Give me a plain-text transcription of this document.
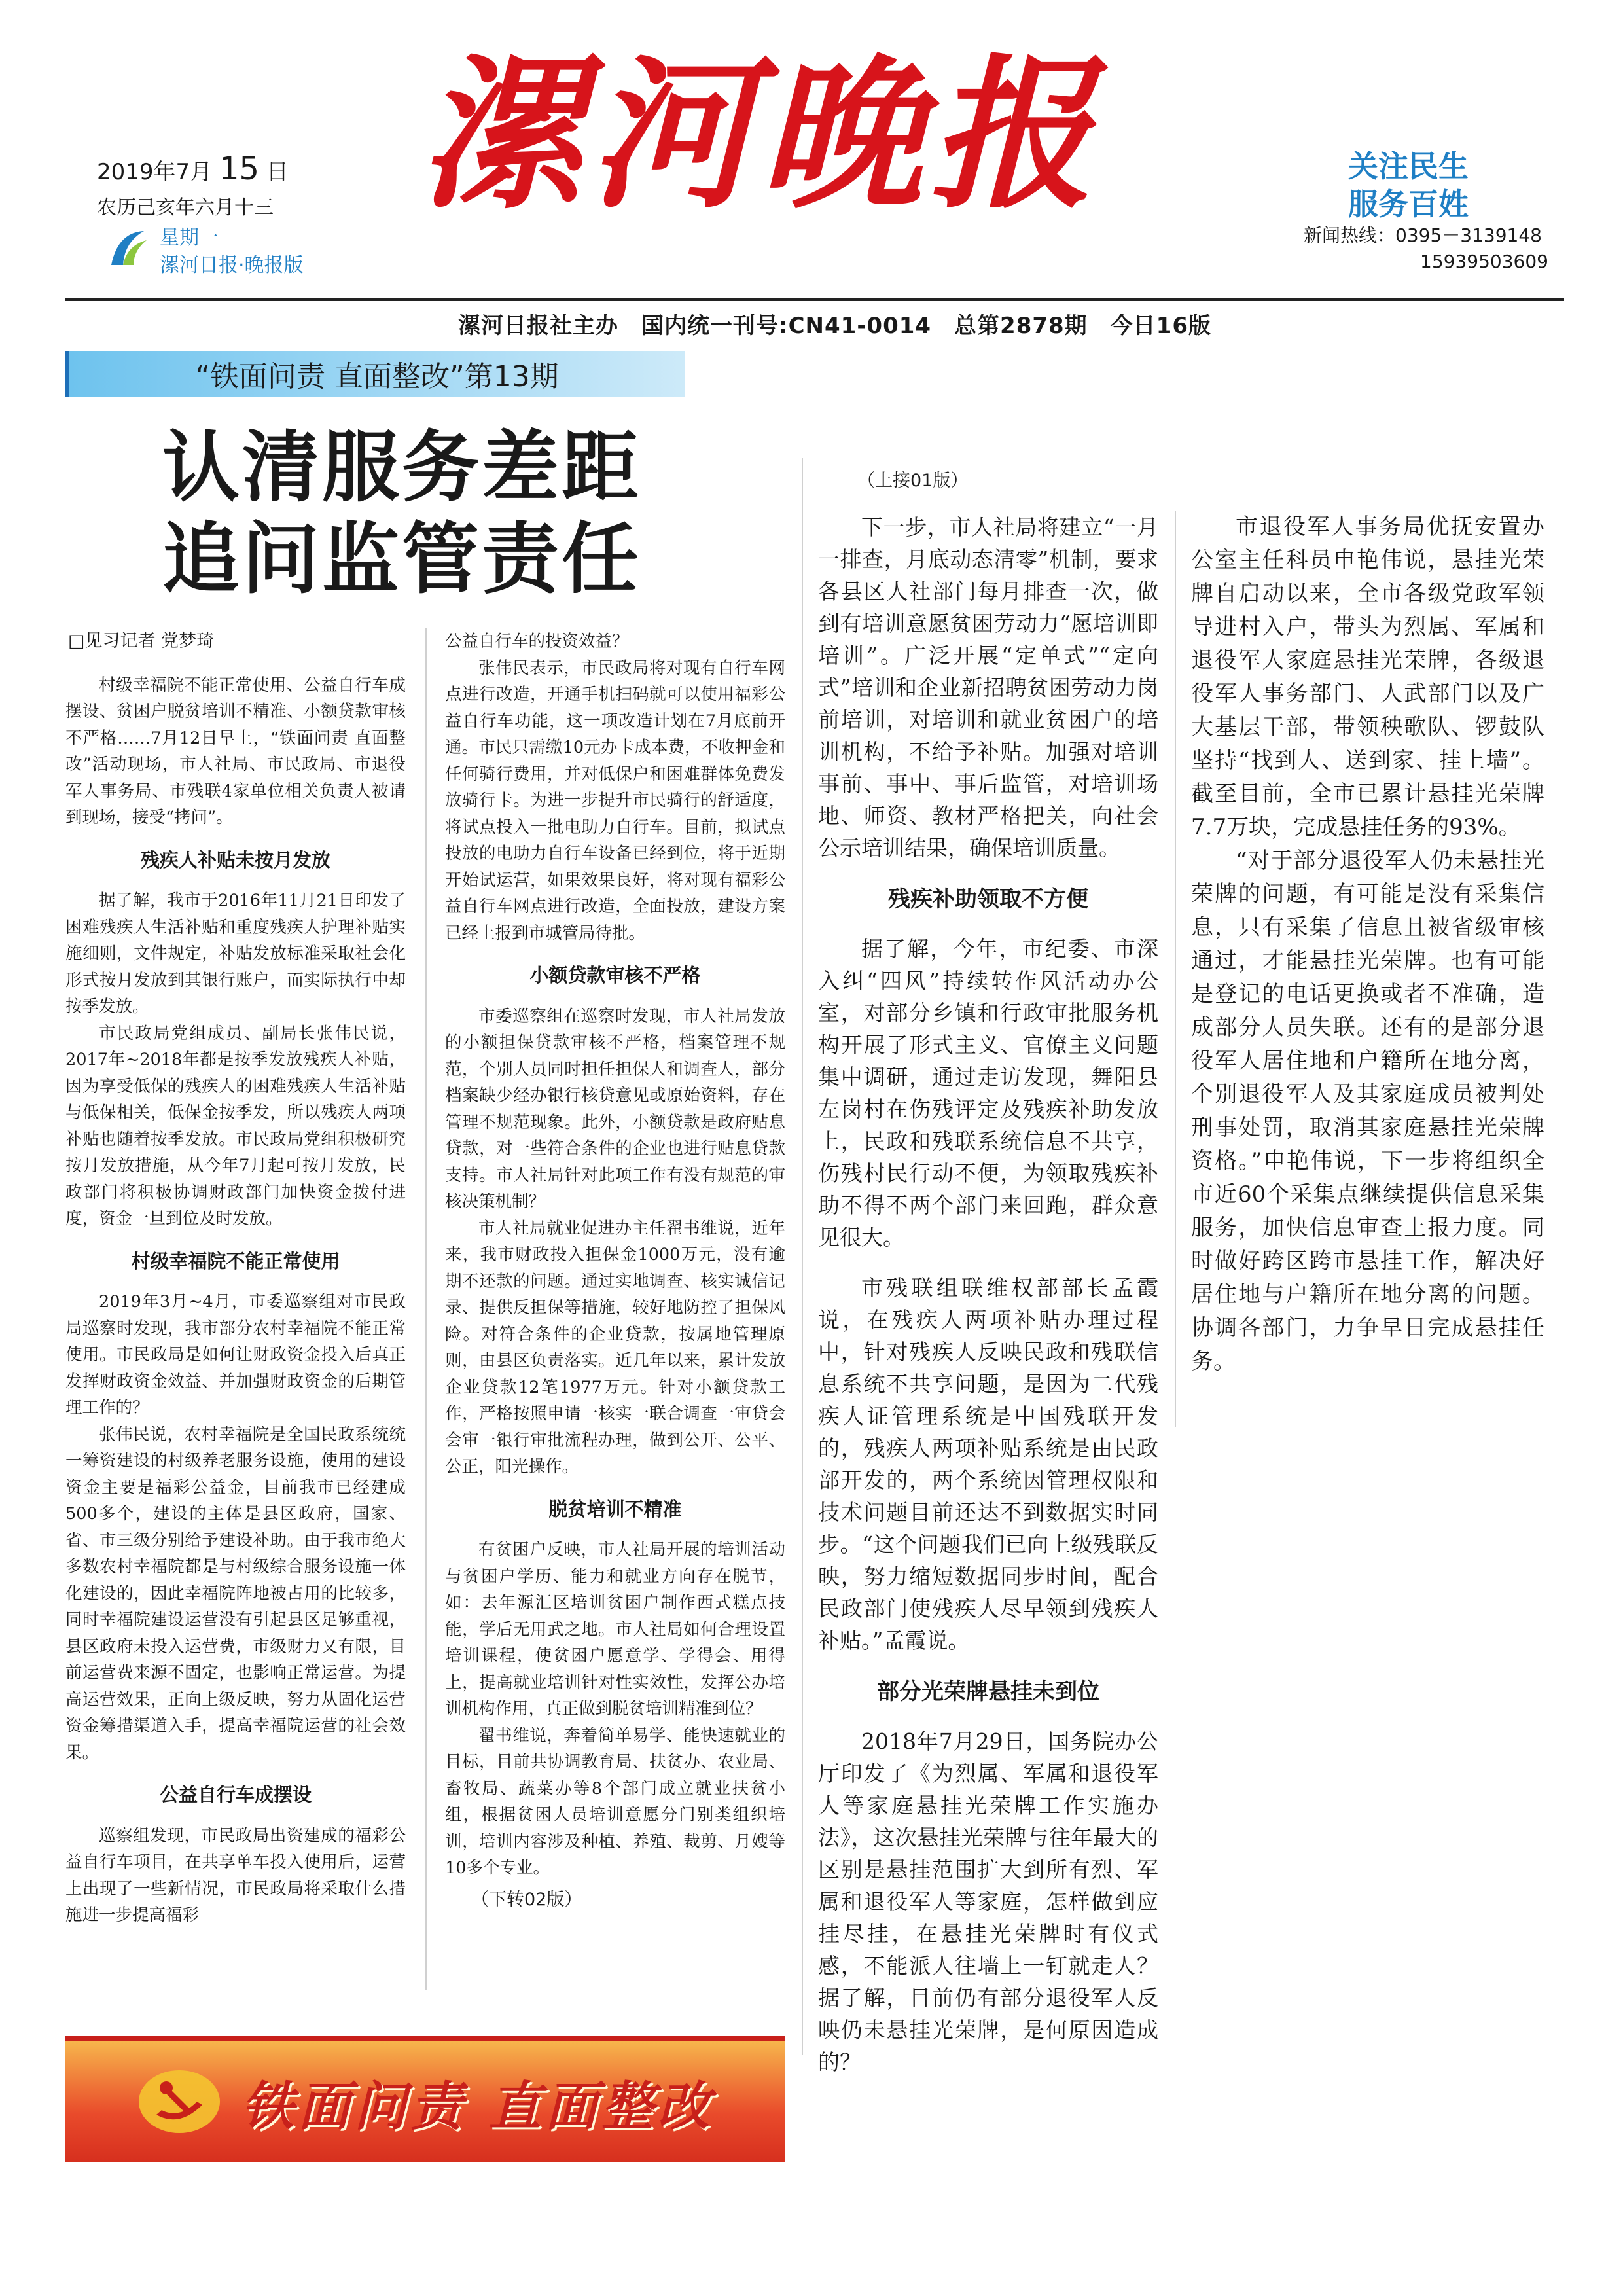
2019年7月 15 日
农历己亥年六月十三
星期一
漯河日报·晚报版
漯河晚报	关注民生
服务百姓
新闻热线：0395－3139148
15939503609
漯河日报社主办　国内统一刊号:CN41-0014　总第2878期　今日16版
“铁面问责 直面整改”第13期
认清服务差距
追问监管责任
□见习记者 党梦琦

村级幸福院不能正常使用、公益自行车成摆设、贫困户脱贫培训不精准、小额贷款审核不严格……7月12日早上，“铁面问责 直面整改”活动现场，市人社局、市民政局、市退役军人事务局、市残联4家单位相关负责人被请到现场，接受“拷问”。

残疾人补贴未按月发放

据了解，我市于2016年11月21日印发了困难残疾人生活补贴和重度残疾人护理补贴实施细则，文件规定，补贴发放标准采取社会化形式按月发放到其银行账户，而实际执行中却按季发放。

市民政局党组成员、副局长张伟民说，2017年~2018年都是按季发放残疾人补贴，因为享受低保的残疾人的困难残疾人生活补贴与低保相关，低保金按季发，所以残疾人两项补贴也随着按季发放。市民政局党组积极研究按月发放措施，从今年7月起可按月发放，民政部门将积极协调财政部门加快资金拨付进度，资金一旦到位及时发放。

村级幸福院不能正常使用

2019年3月~4月，市委巡察组对市民政局巡察时发现，我市部分农村幸福院不能正常使用。市民政局是如何让财政资金投入后真正发挥财政资金效益、并加强财政资金的后期管理工作的？

张伟民说，农村幸福院是全国民政系统统一筹资建设的村级养老服务设施，使用的建设资金主要是福彩公益金，目前我市已经建成500多个，建设的主体是县区政府，国家、省、市三级分别给予建设补助。由于我市绝大多数农村幸福院都是与村级综合服务设施一体化建设的，因此幸福院阵地被占用的比较多，同时幸福院建设运营没有引起县区足够重视，县区政府未投入运营费，市级财力又有限，目前运营费来源不固定，也影响正常运营。为提高运营效果，正向上级反映，努力从固化运营资金筹措渠道入手，提高幸福院运营的社会效果。

公益自行车成摆设

巡察组发现，市民政局出资建成的福彩公益自行车项目，在共享单车投入使用后，运营上出现了一些新情况，市民政局将采取什么措施进一步提高福彩

公益自行车的投资效益？

张伟民表示，市民政局将对现有自行车网点进行改造，开通手机扫码就可以使用福彩公益自行车功能，这一项改造计划在7月底前开通。市民只需缴10元办卡成本费，不收押金和任何骑行费用，并对低保户和困难群体免费发放骑行卡。为进一步提升市民骑行的舒适度，将试点投入一批电助力自行车。目前，拟试点投放的电助力自行车设备已经到位，将于近期开始试运营，如果效果良好，将对现有福彩公益自行车网点进行改造，全面投放，建设方案已经上报到市城管局待批。

小额贷款审核不严格

市委巡察组在巡察时发现，市人社局发放的小额担保贷款审核不严格，档案管理不规范，个别人员同时担任担保人和调查人，部分档案缺少经办银行核贷意见或原始资料，存在管理不规范现象。此外，小额贷款是政府贴息贷款，对一些符合条件的企业也进行贴息贷款支持。市人社局针对此项工作有没有规范的审核决策机制？

市人社局就业促进办主任翟书维说，近年来，我市财政投入担保金1000万元，没有逾期不还款的问题。通过实地调查、核实诚信记录、提供反担保等措施，较好地防控了担保风险。对符合条件的企业贷款，按属地管理原则，由县区负责落实。近几年以来，累计发放企业贷款12笔1977万元。针对小额贷款工作，严格按照申请一核实一联合调查一审贷会会审一银行审批流程办理，做到公开、公平、公正，阳光操作。

脱贫培训不精准

有贫困户反映，市人社局开展的培训活动与贫困户学历、能力和就业方向存在脱节，如：去年源汇区培训贫困户制作西式糕点技能，学后无用武之地。市人社局如何合理设置培训课程，使贫困户愿意学、学得会、用得上，提高就业培训针对性实效性，发挥公办培训机构作用，真正做到脱贫培训精准到位？

翟书维说，奔着简单易学、能快速就业的目标，目前共协调教育局、扶贫办、农业局、畜牧局、蔬菜办等8个部门成立就业扶贫小组，根据贫困人员培训意愿分门别类组织培训，培训内容涉及种植、养殖、裁剪、月嫂等10多个专业。

（下转02版）
（上接01版）

下一步，市人社局将建立“一月一排查，月底动态清零”机制，要求各县区人社部门每月排查一次，做到有培训意愿贫困劳动力“愿培训即培训”。广泛开展“定单式”“定向式”培训和企业新招聘贫困劳动力岗前培训，对培训和就业贫困户的培训机构，不给予补贴。加强对培训事前、事中、事后监管，对培训场地、师资、教材严格把关，向社会公示培训结果，确保培训质量。

残疾补助领取不方便

据了解，今年，市纪委、市深入纠“四风”持续转作风活动办公室，对部分乡镇和行政审批服务机构开展了形式主义、官僚主义问题集中调研，通过走访发现，舞阳县左岗村在伤残评定及残疾补助发放上，民政和残联系统信息不共享，伤残村民行动不便，为领取残疾补助不得不两个部门来回跑，群众意见很大。

市残联组联维权部部长孟霞说，在残疾人两项补贴办理过程中，针对残疾人反映民政和残联信息系统不共享问题，是因为二代残疾人证管理系统是中国残联开发的，残疾人两项补贴系统是由民政部开发的，两个系统因管理权限和技术问题目前还达不到数据实时同步。“这个问题我们已向上级残联反映，努力缩短数据同步时间，配合民政部门使残疾人尽早领到残疾人补贴。”孟霞说。

部分光荣牌悬挂未到位

2018年7月29日，国务院办公厅印发了《为烈属、军属和退役军人等家庭悬挂光荣牌工作实施办法》，这次悬挂光荣牌与往年最大的区别是悬挂范围扩大到所有烈、军属和退役军人等家庭，怎样做到应挂尽挂，在悬挂光荣牌时有仪式感，不能派人往墙上一钉就走人？据了解，目前仍有部分退役军人反映仍未悬挂光荣牌，是何原因造成的？

市退役军人事务局优抚安置办公室主任科员申艳伟说，悬挂光荣牌自启动以来，全市各级党政军领导进村入户，带头为烈属、军属和退役军人家庭悬挂光荣牌，各级退役军人事务部门、人武部门以及广大基层干部，带领秧歌队、锣鼓队坚持“找到人、送到家、挂上墙”。截至目前，全市已累计悬挂光荣牌7.7万块，完成悬挂任务的93%。

“对于部分退役军人仍未悬挂光荣牌的问题，有可能是没有采集信息，只有采集了信息且被省级审核通过，才能悬挂光荣牌。也有可能是登记的电话更换或者不准确，造成部分人员失联。还有的是部分退役军人居住地和户籍所在地分离，个别退役军人及其家庭成员被判处刑事处罚，取消其家庭悬挂光荣牌资格。”申艳伟说，下一步将组织全市近60个采集点继续提供信息采集服务，加快信息审查上报力度。同时做好跨区跨市悬挂工作，解决好居住地与户籍所在地分离的问题。协调各部门，力争早日完成悬挂任务。

铁面问责 直面整改
